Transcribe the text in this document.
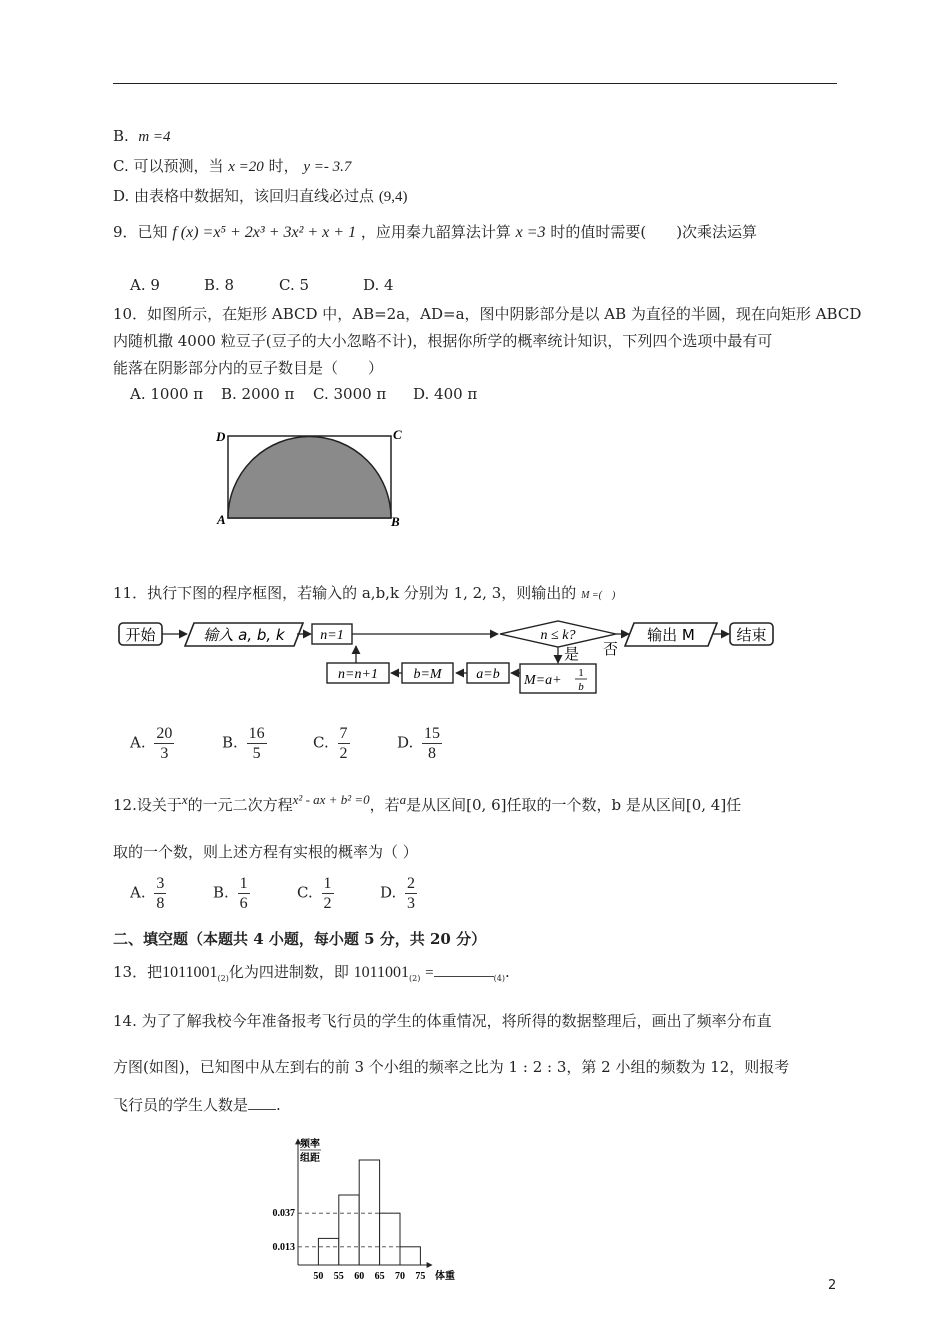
B. m =4
C. 可以预测，当 x =20 时， y =- 3.7
D. 由表格中数据知，该回归直线必过点 (9,4)
9．已知 f (x) =x⁵ + 2x³ + 3x² + x + 1 ，应用秦九韶算法计算 x =3 时的值时需要(　　)次乘法运算
A. 9	B. 8	C. 5	D. 4
10．如图所示，在矩形 ABCD 中，AB=2a，AD=a，图中阴影部分是以 AB 为直径的半圆，现在向矩形 ABCD
内随机撒 4000 粒豆子(豆子的大小忽略不计)，根据你所学的概率统计知识，下列四个选项中最有可
能落在阴影部分内的豆子数目是（　　）
A. 1000 π B. 2000 π C. 3000 π D. 400 π
D	C
A	B
11．执行下图的程序框图，若输入的 a,b,k 分别为 1, 2, 3，则输出的 M =(　)
开始	输入 a, b, k	n=1	n ≤ k?
否
输出 M	结束
是
M=a+ 1
b
a=b
b=M
n=n+1
A. $\frac{20}{3}$	B. $\frac{16}{5}$	C. $\frac{7}{2}$	D. $\frac{15}{8}$
12.设关于$^x$的一元二次方程$^{x^2 - ax + b^2 =0}$，若$^a$是从区间[0, 6]任取的一个数，b 是从区间[0, 4]任
取的一个数，则上述方程有实根的概率为（ ）
A. $\frac{3}{8}$	B. $\frac{1}{6}$	C. $\frac{1}{2}$	D. $\frac{2}{3}$
二、填空题（本题共 4 小题，每小题 5 分，共 20 分）
13．把$1011001_{(2)}$化为四进制数，即 $1011001_{(2)}$ =	$_{(4)}$.
14. 为了了解我校今年准备报考飞行员的学生的体重情况，将所得的数据整理后，画出了频率分布直
方图(如图)，已知图中从左到右的前 3 个小组的频率之比为 1 : 2 : 3，第 2 小组的频数为 12，则报考
飞行员的学生人数是 .
频率
组距
体重
50 55 60 65 70 75
0.013
0.037
2
